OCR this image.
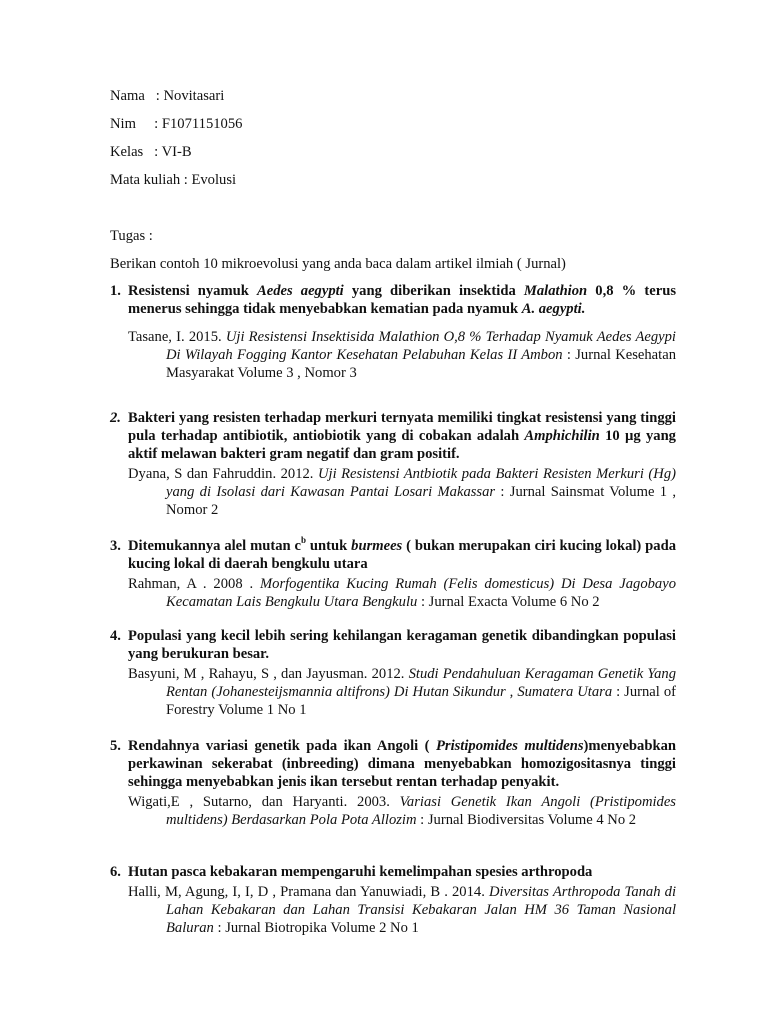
Nama   : Novitasari
Nim     : F1071151056
Kelas   : VI-B
Mata kuliah : Evolusi
Tugas :
Berikan contoh 10 mikroevolusi yang anda baca dalam artikel ilmiah ( Jurnal)
1. Resistensi nyamuk Aedes aegypti yang diberikan insektida Malathion 0,8 % terus menerus sehingga tidak menyebabkan kematian pada nyamuk A. aegypti.
Tasane, I. 2015. Uji Resistensi Insektisida Malathion O,8 % Terhadap Nyamuk Aedes Aegypi Di Wilayah Fogging Kantor Kesehatan Pelabuhan Kelas II Ambon : Jurnal Kesehatan Masyarakat Volume 3 , Nomor 3
2. Bakteri yang resisten terhadap merkuri ternyata memiliki tingkat resistensi yang tinggi pula terhadap antibiotik, antiobiotik yang di cobakan adalah Amphichilin 10 µg yang aktif melawan bakteri gram negatif dan gram positif.
Dyana, S dan Fahruddin. 2012. Uji Resistensi Antbiotik pada Bakteri Resisten Merkuri (Hg) yang di Isolasi dari Kawasan Pantai Losari Makassar : Jurnal Sainsmat Volume 1 , Nomor 2
3. Ditemukannya alel mutan $c^b$ untuk burmees ( bukan merupakan ciri kucing lokal) pada kucing lokal di daerah bengkulu utara
Rahman, A . 2008 . Morfogentika Kucing Rumah (Felis domesticus) Di Desa Jagobayo Kecamatan Lais Bengkulu Utara Bengkulu : Jurnal Exacta Volume 6 No 2
4. Populasi yang kecil lebih sering kehilangan keragaman genetik dibandingkan populasi yang berukuran besar.
Basyuni, M , Rahayu, S , dan Jayusman. 2012. Studi Pendahuluan Keragaman Genetik Yang Rentan (Johanesteijsmannia altifrons) Di Hutan Sikundur , Sumatera Utara : Jurnal of Forestry Volume 1 No 1
5. Rendahnya variasi genetik pada ikan Angoli ( Pristipomides multidens)menyebabkan perkawinan sekerabat (inbreeding) dimana menyebabkan homozigositasnya tinggi sehingga menyebabkan jenis ikan tersebut rentan terhadap penyakit.
Wigati,E , Sutarno, dan Haryanti. 2003. Variasi Genetik Ikan Angoli (Pristipomides multidens) Berdasarkan Pola Pota Allozim : Jurnal Biodiversitas Volume 4 No 2
6. Hutan pasca kebakaran mempengaruhi kemelimpahan spesies arthropoda
Halli, M, Agung, I, I, D , Pramana dan Yanuwiadi, B . 2014. Diversitas Arthropoda Tanah di Lahan Kebakaran dan Lahan Transisi Kebakaran Jalan HM 36 Taman Nasional Baluran : Jurnal Biotropika Volume 2 No 1
